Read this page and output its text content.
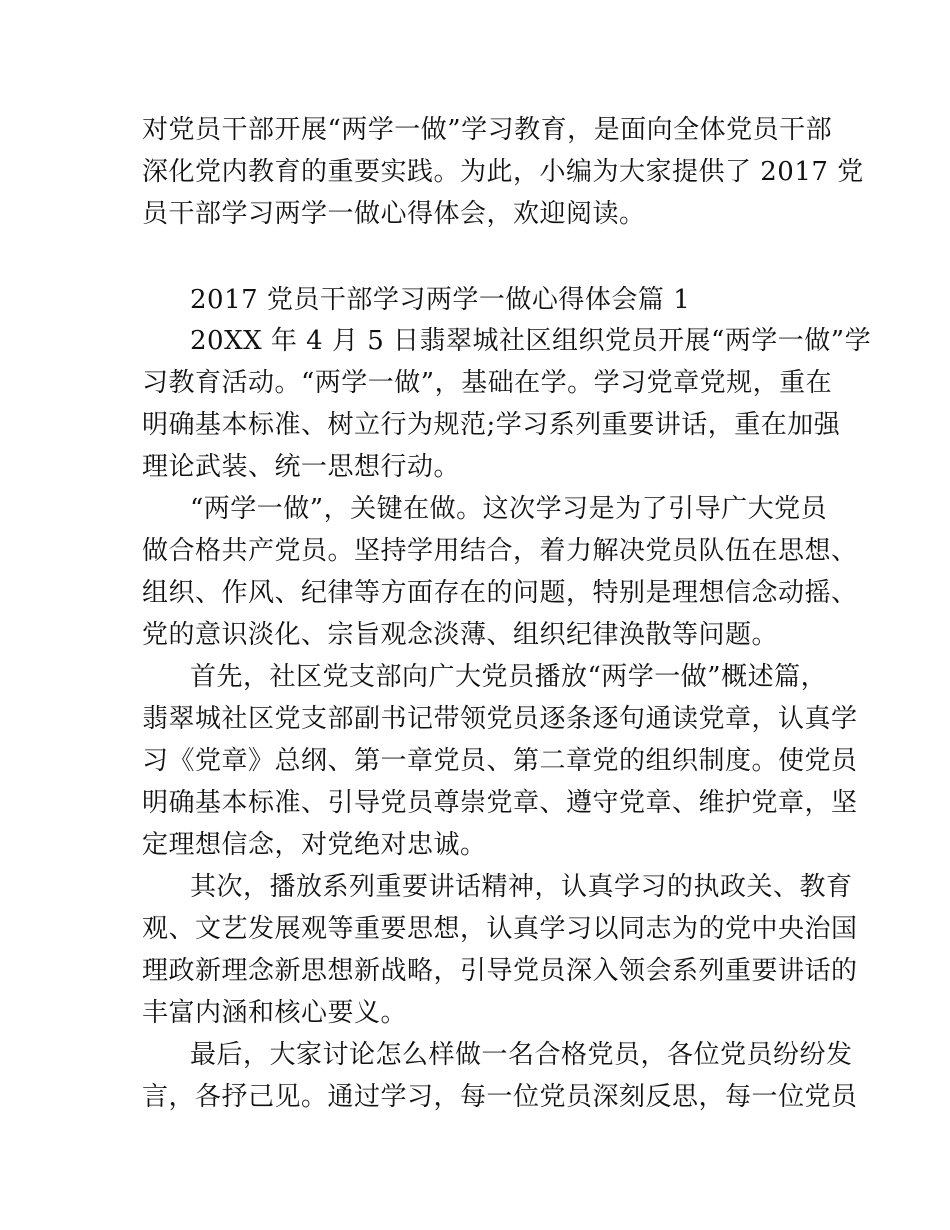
对党员干部开展“两学一做”学习教育，是面向全体党员干部
深化党内教育的重要实践。为此，小编为大家提供了 2017 党
员干部学习两学一做心得体会，欢迎阅读。
2017 党员干部学习两学一做心得体会篇 1
20XX 年 4 月 5 日翡翠城社区组织党员开展“两学一做”学
习教育活动。“两学一做”，基础在学。学习党章党规，重在
明确基本标准、树立行为规范;学习系列重要讲话，重在加强
理论武装、统一思想行动。
“两学一做”，关键在做。这次学习是为了引导广大党员
做合格共产党员。坚持学用结合，着力解决党员队伍在思想、
组织、作风、纪律等方面存在的问题，特别是理想信念动摇、
党的意识淡化、宗旨观念淡薄、组织纪律涣散等问题。
首先，社区党支部向广大党员播放“两学一做”概述篇，
翡翠城社区党支部副书记带领党员逐条逐句通读党章，认真学
习《党章》总纲、第一章党员、第二章党的组织制度。使党员
明确基本标准、引导党员尊崇党章、遵守党章、维护党章，坚
定理想信念，对党绝对忠诚。
其次，播放系列重要讲话精神，认真学习的执政关、教育
观、文艺发展观等重要思想，认真学习以同志为的党中央治国
理政新理念新思想新战略，引导党员深入领会系列重要讲话的
丰富内涵和核心要义。
最后，大家讨论怎么样做一名合格党员，各位党员纷纷发
言，各抒己见。通过学习，每一位党员深刻反思，每一位党员
